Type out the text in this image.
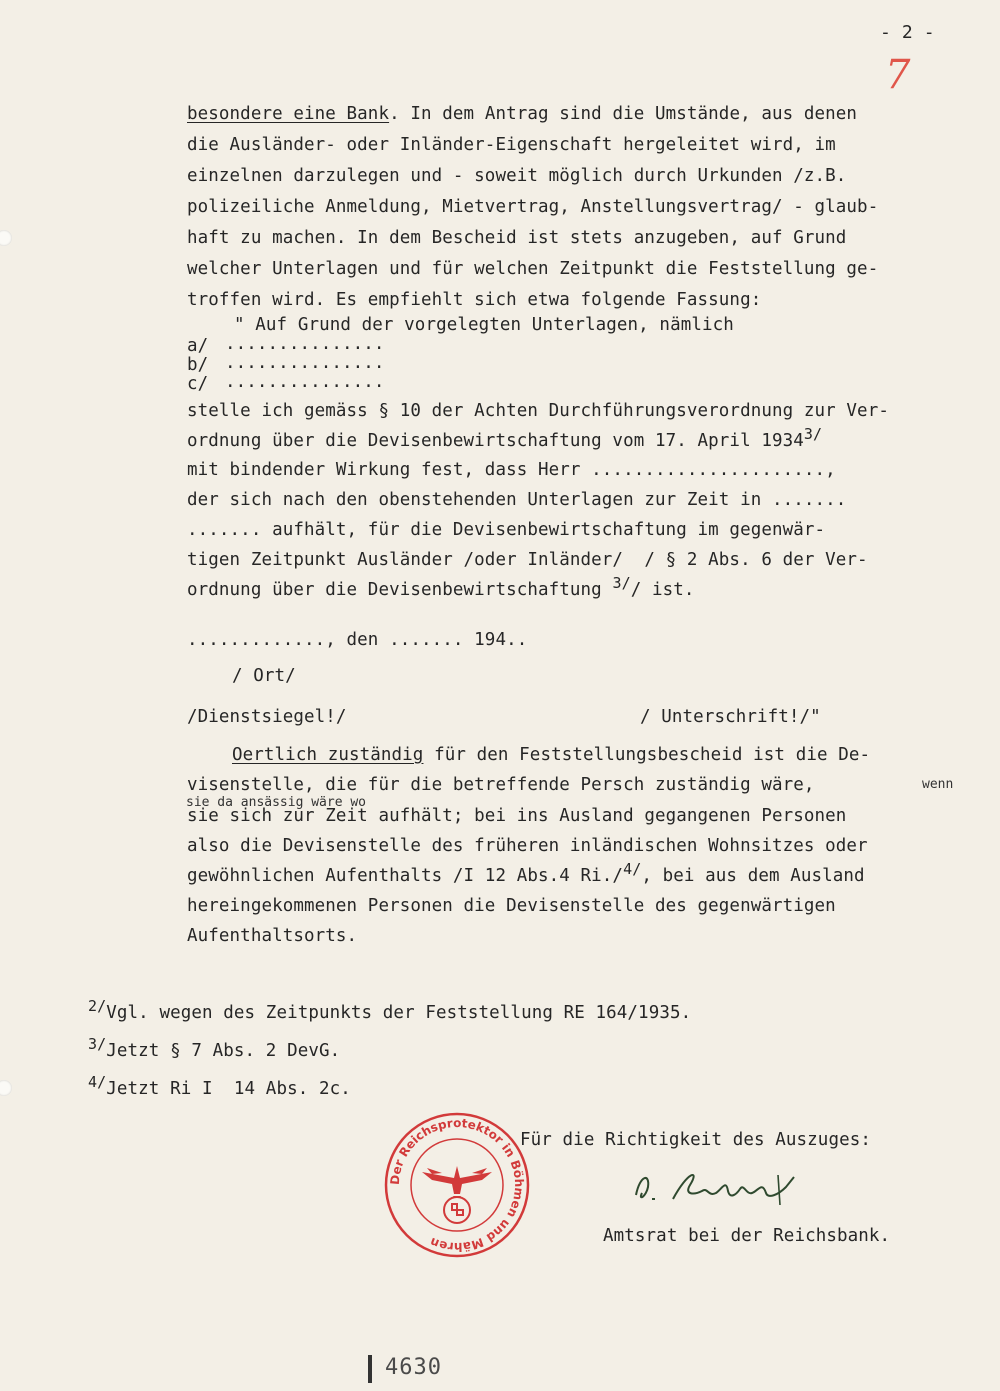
- 2 -
7
besondere eine Bank. In dem Antrag sind die Umstände, aus denen
die Ausländer- oder Inländer-Eigenschaft hergeleitet wird, im
einzelnen darzulegen und - soweit möglich durch Urkunden /z.B.
polizeiliche Anmeldung, Mietvertrag, Anstellungsvertrag/ - glaub-
haft zu machen. In dem Bescheid ist stets anzugeben, auf Grund
welcher Unterlagen und für welchen Zeitpunkt die Feststellung ge-
troffen wird. Es empfiehlt sich etwa folgende Fassung:
" Auf Grund der vorgelegten Unterlagen, nämlich
a/ ...............
b/ ...............
c/ ...............
stelle ich gemäss § 10 der Achten Durchführungsverordnung zur Ver-
ordnung über die Devisenbewirtschaftung vom 17. April 19343/
mit bindender Wirkung fest, dass Herr ......................,
der sich nach den obenstehenden Unterlagen zur Zeit in .......
....... aufhält, für die Devisenbewirtschaftung im gegenwär-
tigen Zeitpunkt Ausländer /oder Inländer/  / § 2 Abs. 6 der Ver-
ordnung über die Devisenbewirtschaftung 3// ist.
............., den ....... 194..
/ Ort/
/Dienstsiegel!/	/ Unterschrift!/"
Oertlich zuständig für den Feststellungsbescheid ist die De-
visenstelle, die für die betreffende Persch zuständig wäre,	wenn
sie da ansässig wäre wo
sie sich zur Zeit aufhält; bei ins Ausland gegangenen Personen
also die Devisenstelle des früheren inländischen Wohnsitzes oder
gewöhnlichen Aufenthalts /I 12 Abs.4 Ri./4/, bei aus dem Ausland
hereingekommenen Personen die Devisenstelle des gegenwärtigen
Aufenthaltsorts.
2/Vgl. wegen des Zeitpunkts der Feststellung RE 164/1935.
3/Jetzt § 7 Abs. 2 DevG.
4/Jetzt Ri I  14 Abs. 2c.
Der Reichsprotektor in Böhmen und Mähren
Für die Richtigkeit des Auszuges:
Amtsrat bei der Reichsbank.
4630
